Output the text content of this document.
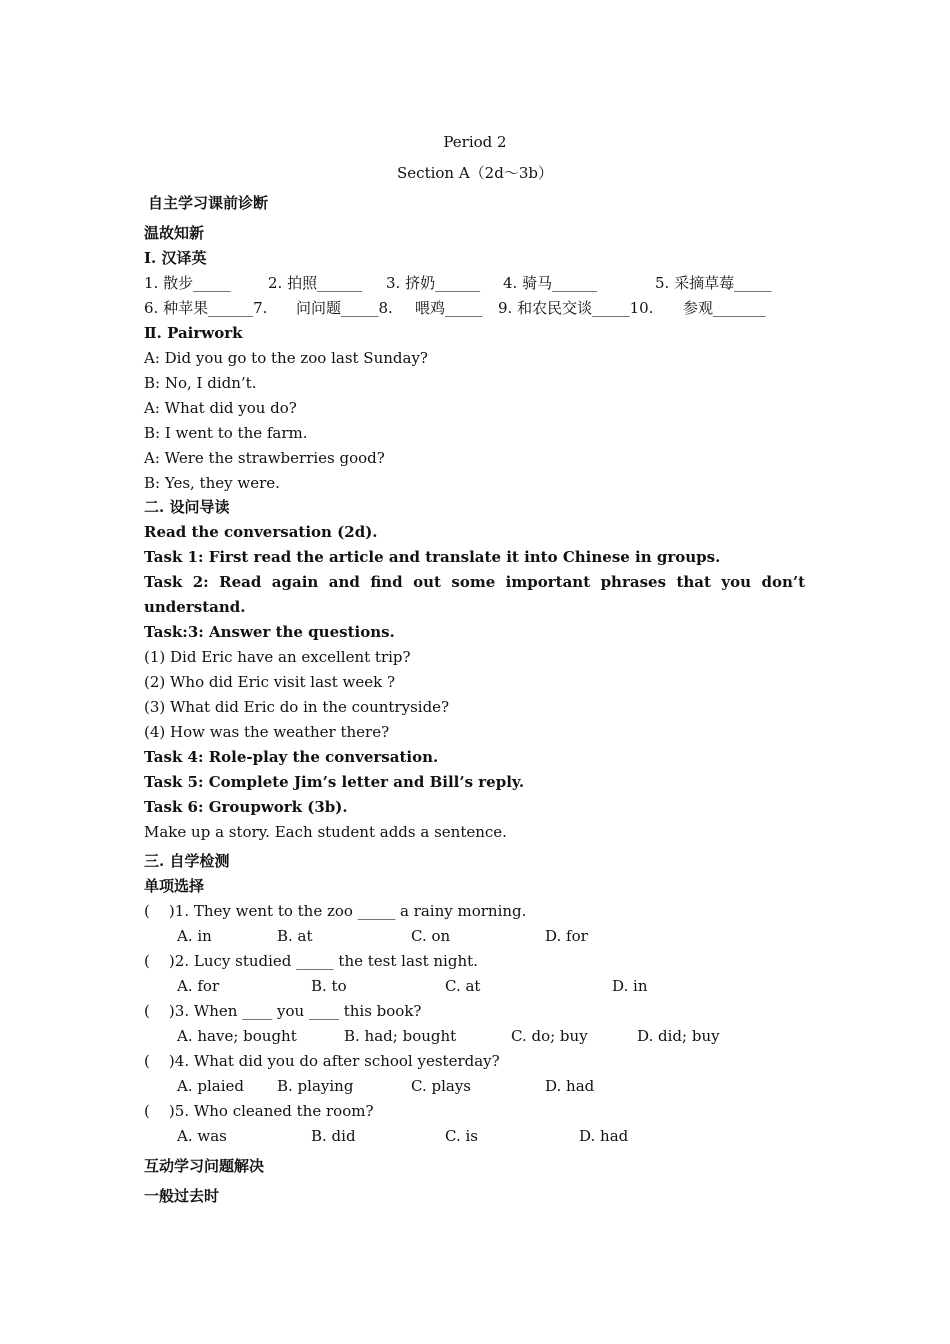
Period 2
Section A（2d～3b）
自主学习课前诊断
温故知新
Ⅰ. 汉译英
1. 散步_____ 2. 拍照______ 3. 挤奶______ 4. 骑马______	5. 采摘草莓_____
6. 种苹果______7. 问问题_____8. 喂鸡_____ 9. 和农民交谈_____10. 参观_______
Ⅱ. Pairwork
A: Did you go to the zoo last Sunday?
B: No, I didn’t.
A: What did you do?
B: I went to the farm.
A: Were the strawberries good?
B: Yes, they were.
二. 设问导读
Read the conversation (2d).
Task 1: First read the article and translate it into Chinese in groups.
Task  2:  Read  again  and  find  out  some  important  phrases  that  you  don’t
understand.
Task:3: Answer the questions.
(1) Did Eric have an excellent trip?
(2) Who did Eric visit last week ?
(3) What did Eric do in the countryside?
(4) How was the weather there?
Task 4: Role-play the conversation.
Task 5: Complete Jim’s letter and Bill’s reply.
Task 6: Groupwork (3b).
Make up a story. Each student adds a sentence.
三. 自学检测
单项选择
(    )1. They went to the zoo _____ a rainy morning.
A. in	B. at	C. on	D. for
(    )2. Lucy studied _____ the test last night.
A. for	B. to	C. at	D. in
(    )3. When ____ you ____ this book?
A. have; bought	B. had; bought	C. do; buy	D. did; buy
(    )4. What did you do after school yesterday?
A. plaied B. playing	C. plays	D. had
(    )5. Who cleaned the room?
A. was	B. did	C. is	D. had
互动学习问题解决
一般过去时
